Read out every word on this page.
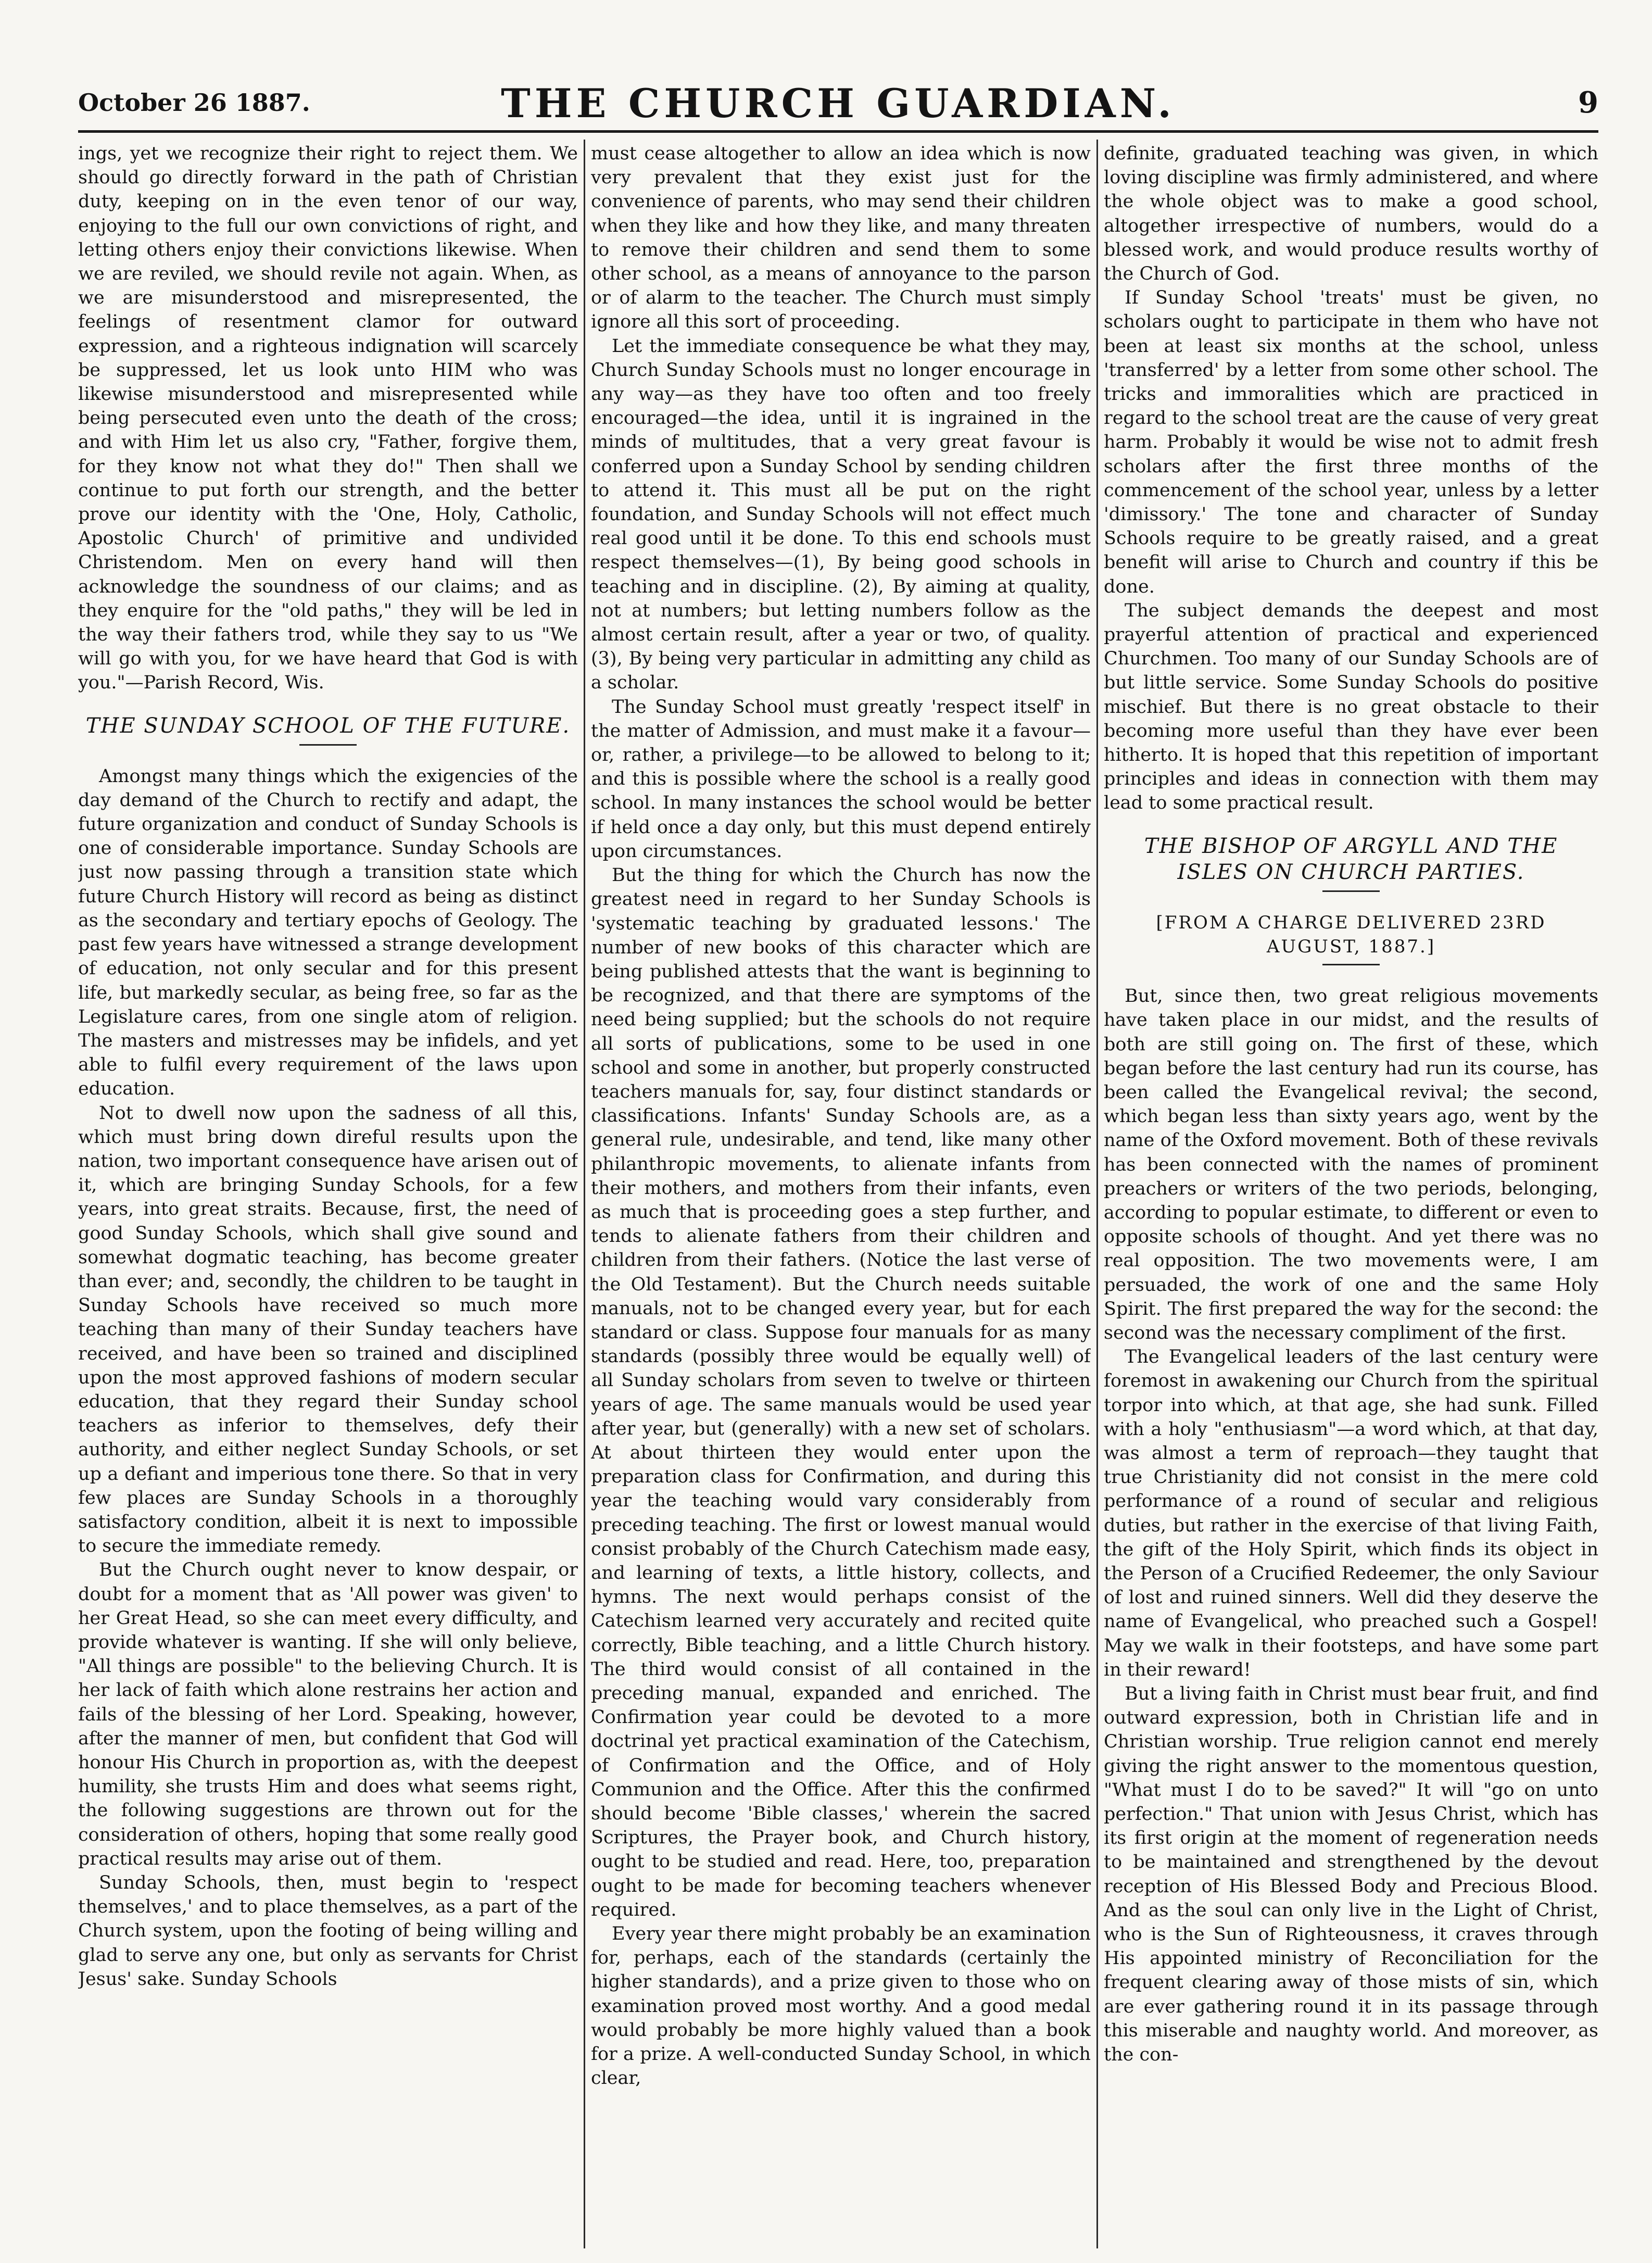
October 26 1887.	THE CHURCH GUARDIAN.	9

ings, yet we recognize their right to reject them. We should go directly forward in the path of Christian duty, keeping on in the even tenor of our way, enjoying to the full our own convictions of right, and letting others enjoy their convictions likewise. When we are reviled, we should revile not again. When, as we are misunderstood and misrepresented, the feelings of resentment clamor for outward expression, and a righteous indignation will scarcely be suppressed, let us look unto HIM who was likewise misunderstood and misrepresented while being persecuted even unto the death of the cross; and with Him let us also cry, "Father, forgive them, for they know not what they do!" Then shall we continue to put forth our strength, and the better prove our identity with the 'One, Holy, Catholic, Apostolic Church' of primitive and undivided Christendom. Men on every hand will then acknowledge the soundness of our claims; and as they enquire for the "old paths," they will be led in the way their fathers trod, while they say to us "We will go with you, for we have heard that God is with you."—Parish Record, Wis.

THE SUNDAY SCHOOL OF THE FUTURE.

Amongst many things which the exigencies of the day demand of the Church to rectify and adapt, the future organization and conduct of Sunday Schools is one of considerable importance. Sunday Schools are just now passing through a transition state which future Church History will record as being as distinct as the secondary and tertiary epochs of Geology. The past few years have witnessed a strange development of education, not only secular and for this present life, but markedly secular, as being free, so far as the Legislature cares, from one single atom of religion. The masters and mistresses may be infidels, and yet able to fulfil every requirement of the laws upon education.

Not to dwell now upon the sadness of all this, which must bring down direful results upon the nation, two important consequence have arisen out of it, which are bringing Sunday Schools, for a few years, into great straits. Because, first, the need of good Sunday Schools, which shall give sound and somewhat dogmatic teaching, has become greater than ever; and, secondly, the children to be taught in Sunday Schools have received so much more teaching than many of their Sunday teachers have received, and have been so trained and disciplined upon the most approved fashions of modern secular education, that they regard their Sunday school teachers as inferior to themselves, defy their authority, and either neglect Sunday Schools, or set up a defiant and imperious tone there. So that in very few places are Sunday Schools in a thoroughly satisfactory condition, albeit it is next to impossible to secure the immediate remedy.

But the Church ought never to know despair, or doubt for a moment that as 'All power was given' to her Great Head, so she can meet every difficulty, and provide whatever is wanting. If she will only believe, "All things are possible" to the believing Church. It is her lack of faith which alone restrains her action and fails of the blessing of her Lord. Speaking, however, after the manner of men, but confident that God will honour His Church in proportion as, with the deepest humility, she trusts Him and does what seems right, the following suggestions are thrown out for the consideration of others, hoping that some really good practical results may arise out of them.

Sunday Schools, then, must begin to 'respect themselves,' and to place themselves, as a part of the Church system, upon the footing of being willing and glad to serve any one, but only as servants for Christ Jesus' sake. Sunday Schools

must cease altogether to allow an idea which is now very prevalent that they exist just for the convenience of parents, who may send their children when they like and how they like, and many threaten to remove their children and send them to some other school, as a means of annoyance to the parson or of alarm to the teacher. The Church must simply ignore all this sort of proceeding.

Let the immediate consequence be what they may, Church Sunday Schools must no longer encourage in any way—as they have too often and too freely encouraged—the idea, until it is ingrained in the minds of multitudes, that a very great favour is conferred upon a Sunday School by sending children to attend it. This must all be put on the right foundation, and Sunday Schools will not effect much real good until it be done. To this end schools must respect themselves—(1), By being good schools in teaching and in discipline. (2), By aiming at quality, not at numbers; but letting numbers follow as the almost certain result, after a year or two, of quality. (3), By being very particular in admitting any child as a scholar.

The Sunday School must greatly 'respect itself' in the matter of Admission, and must make it a favour—or, rather, a privilege—to be allowed to belong to it; and this is possible where the school is a really good school. In many instances the school would be better if held once a day only, but this must depend entirely upon circumstances.

But the thing for which the Church has now the greatest need in regard to her Sunday Schools is 'systematic teaching by graduated lessons.' The number of new books of this character which are being published attests that the want is beginning to be recognized, and that there are symptoms of the need being supplied; but the schools do not require all sorts of publications, some to be used in one school and some in another, but properly constructed teachers manuals for, say, four distinct standards or classifications. Infants' Sunday Schools are, as a general rule, undesirable, and tend, like many other philanthropic movements, to alienate infants from their mothers, and mothers from their infants, even as much that is proceeding goes a step further, and tends to alienate fathers from their children and children from their fathers. (Notice the last verse of the Old Testament). But the Church needs suitable manuals, not to be changed every year, but for each standard or class. Suppose four manuals for as many standards (possibly three would be equally well) of all Sunday scholars from seven to twelve or thirteen years of age. The same manuals would be used year after year, but (generally) with a new set of scholars. At about thirteen they would enter upon the preparation class for Confirmation, and during this year the teaching would vary considerably from preceding teaching. The first or lowest manual would consist probably of the Church Catechism made easy, and learning of texts, a little history, collects, and hymns. The next would perhaps consist of the Catechism learned very accurately and recited quite correctly, Bible teaching, and a little Church history. The third would consist of all contained in the preceding manual, expanded and enriched. The Confirmation year could be devoted to a more doctrinal yet practical examination of the Catechism, of Confirmation and the Office, and of Holy Communion and the Office. After this the confirmed should become 'Bible classes,' wherein the sacred Scriptures, the Prayer book, and Church history, ought to be studied and read. Here, too, preparation ought to be made for becoming teachers whenever required.

Every year there might probably be an examination for, perhaps, each of the standards (certainly the higher standards), and a prize given to those who on examination proved most worthy. And a good medal would probably be more highly valued than a book for a prize. A well-conducted Sunday School, in which clear,

definite, graduated teaching was given, in which loving discipline was firmly administered, and where the whole object was to make a good school, altogether irrespective of numbers, would do a blessed work, and would produce results worthy of the Church of God.

If Sunday School 'treats' must be given, no scholars ought to participate in them who have not been at least six months at the school, unless 'transferred' by a letter from some other school. The tricks and immoralities which are practiced in regard to the school treat are the cause of very great harm. Probably it would be wise not to admit fresh scholars after the first three months of the commencement of the school year, unless by a letter 'dimissory.' The tone and character of Sunday Schools require to be greatly raised, and a great benefit will arise to Church and country if this be done.

The subject demands the deepest and most prayerful attention of practical and experienced Churchmen. Too many of our Sunday Schools are of but little service. Some Sunday Schools do positive mischief. But there is no great obstacle to their becoming more useful than they have ever been hitherto. It is hoped that this repetition of important principles and ideas in connection with them may lead to some practical result.

THE BISHOP OF ARGYLL AND THE ISLES ON CHURCH PARTIES.
[FROM A CHARGE DELIVERED 23RD AUGUST, 1887.]

But, since then, two great religious movements have taken place in our midst, and the results of both are still going on. The first of these, which began before the last century had run its course, has been called the Evangelical revival; the second, which began less than sixty years ago, went by the name of the Oxford movement. Both of these revivals has been connected with the names of prominent preachers or writers of the two periods, belonging, according to popular estimate, to different or even to opposite schools of thought. And yet there was no real opposition. The two movements were, I am persuaded, the work of one and the same Holy Spirit. The first prepared the way for the second: the second was the necessary compliment of the first.

The Evangelical leaders of the last century were foremost in awakening our Church from the spiritual torpor into which, at that age, she had sunk. Filled with a holy "enthusiasm"—a word which, at that day, was almost a term of reproach—they taught that true Christianity did not consist in the mere cold performance of a round of secular and religious duties, but rather in the exercise of that living Faith, the gift of the Holy Spirit, which finds its object in the Person of a Crucified Redeemer, the only Saviour of lost and ruined sinners. Well did they deserve the name of Evangelical, who preached such a Gospel! May we walk in their footsteps, and have some part in their reward!

But a living faith in Christ must bear fruit, and find outward expression, both in Christian life and in Christian worship. True religion cannot end merely giving the right answer to the momentous question, "What must I do to be saved?" It will "go on unto perfection." That union with Jesus Christ, which has its first origin at the moment of regeneration needs to be maintained and strengthened by the devout reception of His Blessed Body and Precious Blood. And as the soul can only live in the Light of Christ, who is the Sun of Righteousness, it craves through His appointed ministry of Reconciliation for the frequent clearing away of those mists of sin, which are ever gathering round it in its passage through this miserable and naughty world. And moreover, as the con-
